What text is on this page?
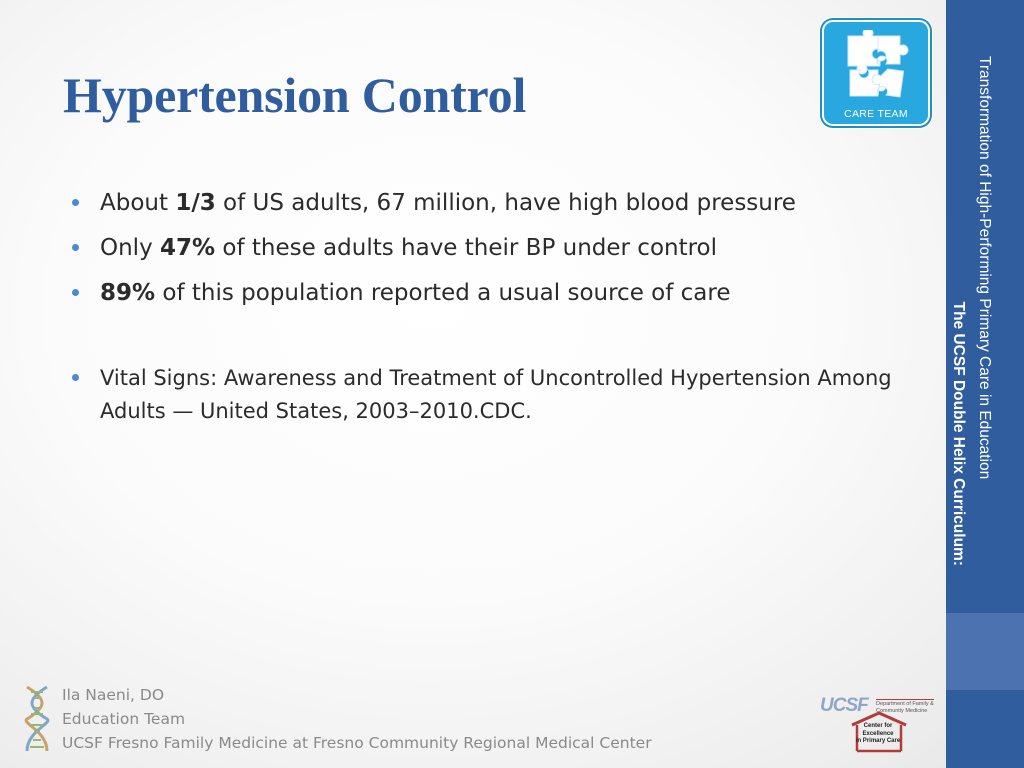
Transformation of High-Performing Primary Care in Education
The UCSF Double Helix Curriculum:
CARE TEAM
Hypertension Control
About 1/3 of US adults, 67 million, have high blood pressure
Only 47% of these adults have their BP under control
89% of this population reported a usual source of care
Vital Signs: Awareness and Treatment of Uncontrolled Hypertension Among Adults — United States, 2003–2010.CDC.
Ila Naeni, DO
Education Team
UCSF Fresno Family Medicine at Fresno Community Regional Medical Center
UCSF Department of Family & Community Medicine
Center for
Excellence
in Primary Care
